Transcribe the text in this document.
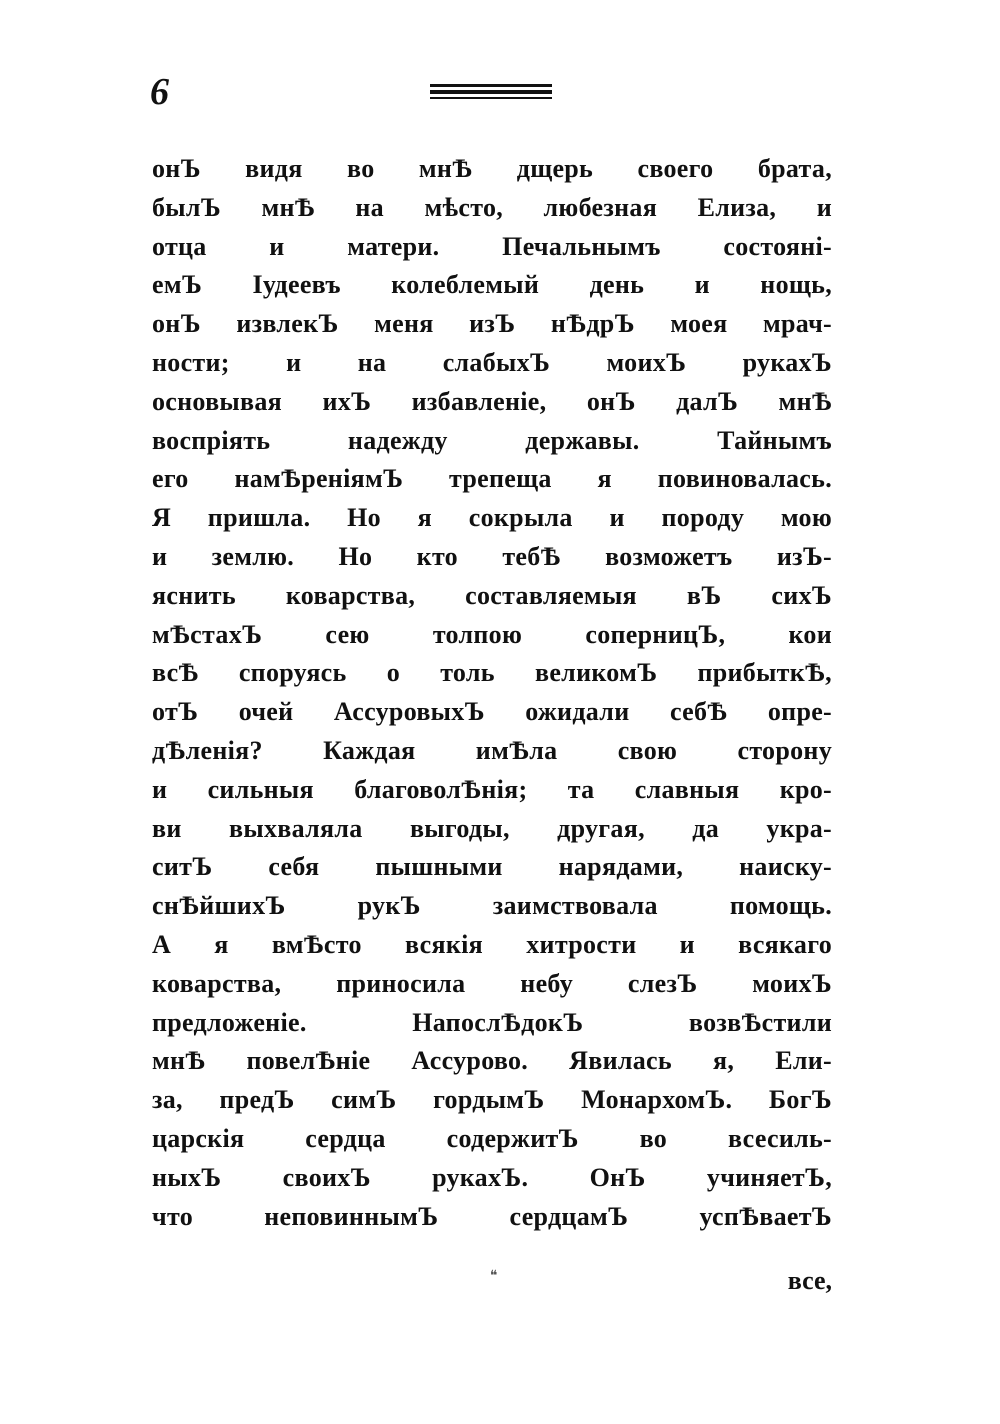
6
онЪ видя во мнѢ дщерь своего брата,
былЪ мнѢ на мѣсто, любезная Елиза, и
отца и матери. Печальнымъ состояні-
емЪ Іудеевъ колеблемый день и нощь,
онЪ извлекЪ меня изЪ нѢдрЪ моея мрач-
ности; и на слабыхЪ моихЪ рукахЪ
основывая ихЪ избавленіе, онЪ далЪ мнѢ
воспріять надежду державы. Тайнымъ
его намѢреніямЪ трепеща я повиновалась.
Я пришла. Но я сокрыла и породу мою
и землю. Но кто тебѢ возможетъ изЪ-
яснить коварства, составляемыя вЪ сихЪ
мѢстахЪ сею толпою соперницЪ, кои
всѢ споруясь о толь великомЪ прибыткѢ,
отЪ очей АссуровыхЪ ожидали себѢ опре-
дѢленія? Каждая имѢла свою сторону
и сильныя благоволѢнія; та славныя кро-
ви выхваляла выгоды, другая, да укра-
ситЪ себя пышными нарядами, наиску-
снѢйшихЪ рукЪ заимствовала помощь.
А я вмѢсто всякія хитрости и всякаго
коварства, приносила небу слезЪ моихЪ
предложеніе. НапослѢдокЪ возвѢстили
мнѢ повелѢніе Ассурово. Явилась я, Ели-
за, предЪ симЪ гордымЪ МонархомЪ. БогЪ
царскія сердца содержитЪ во всесиль-
ныхЪ своихЪ рукахЪ. ОнЪ учиняетЪ,
что неповиннымЪ сердцамЪ успѢваетЪ
❝	все,
